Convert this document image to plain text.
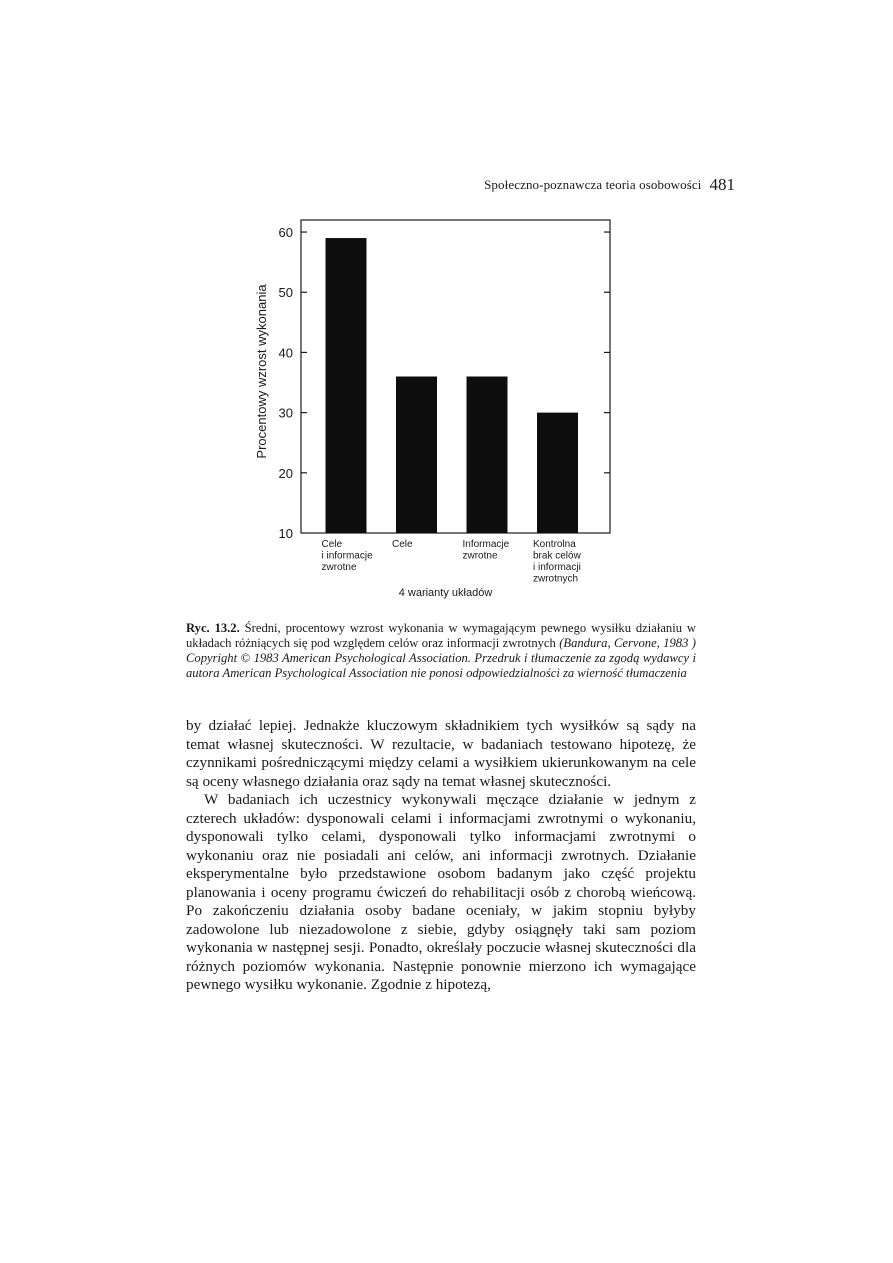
Społeczno-poznawcza teoria osobowości 481
10
20
30
40
50
60
Procentowy wzrost wykonania
Cele
i informacje
zwrotne
Cele	Informacje
zwrotne
Kontrolna
brak celów
i informacji
zwrotnych
4 warianty układów
Ryc. 13.2. Średni, procentowy wzrost wykonania w wymagającym pewnego wysiłku działaniu w układach różniących się pod względem celów oraz informacji zwrotnych (Bandura, Cervone, 1983 ) Copyright © 1983 American Psychological Association. Przedruk i tłumaczenie za zgodą wydawcy i autora American Psychological Association nie ponosi odpowiedzialności za wierność tłumaczenia

by działać lepiej. Jednakże kluczowym składnikiem tych wysiłków są sądy na temat własnej skuteczności. W rezultacie, w badaniach testowano hipotezę, że czynnikami pośredniczącymi między celami a wysiłkiem ukierunkowanym na cele są oceny własnego działania oraz sądy na temat własnej skuteczności.

W badaniach ich uczestnicy wykonywali męczące działanie w jednym z czterech układów: dysponowali celami i informacjami zwrotnymi o wykonaniu, dysponowali tylko celami, dysponowali tylko informacjami zwrotnymi o wykonaniu oraz nie posiadali ani celów, ani informacji zwrotnych. Działanie eksperymentalne było przedstawione osobom badanym jako część projektu planowania i oceny programu ćwiczeń do rehabilitacji osób z chorobą wieńcową. Po zakończeniu działania osoby badane oceniały, w jakim stopniu byłyby zadowolone lub niezadowolone z siebie, gdyby osiągnęły taki sam poziom wykonania w następnej sesji. Ponadto, określały poczucie własnej skuteczności dla różnych poziomów wykonania. Następnie ponownie mierzono ich wymagające pewnego wysiłku wykonanie. Zgodnie z hipotezą,
